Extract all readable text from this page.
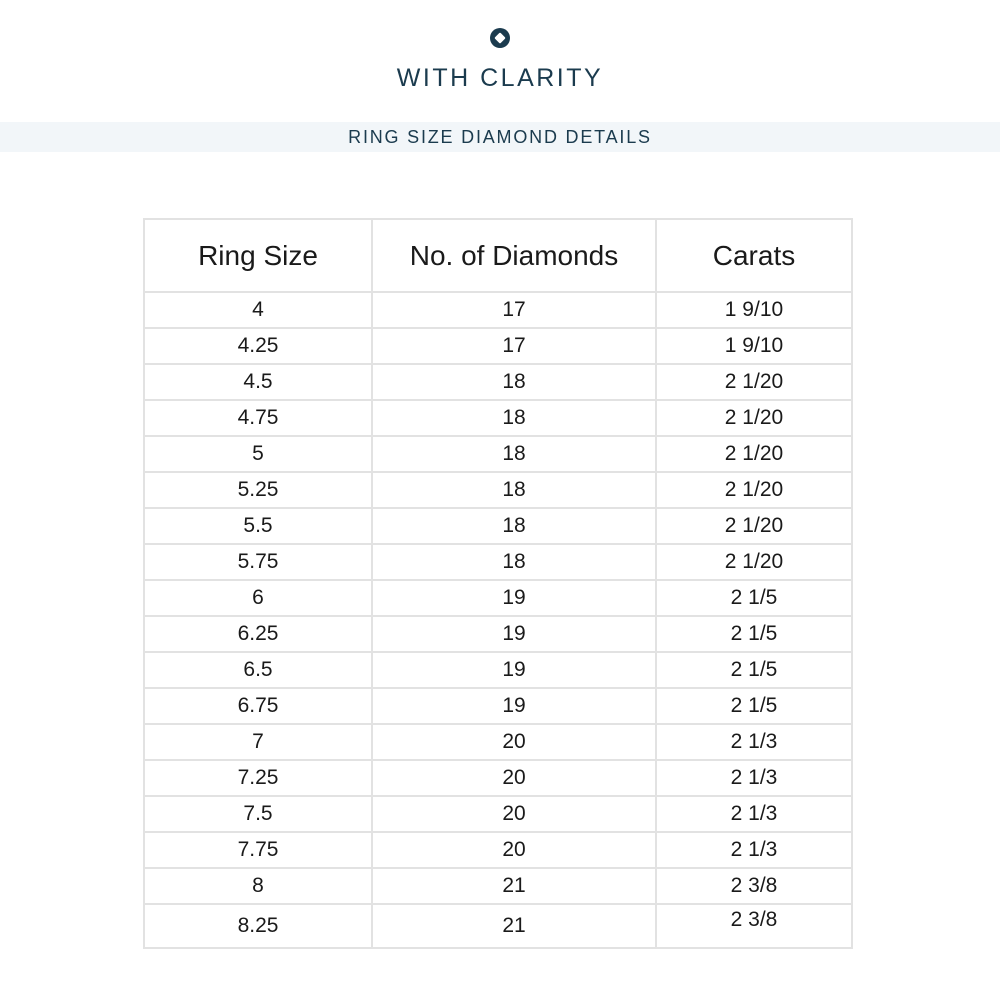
WITH CLARITY
RING SIZE DIAMOND DETAILS
Ring Size	No. of Diamonds	Carats
4	17	1 9/10
4.25	17	1 9/10
4.5	18	2 1/20
4.75	18	2 1/20
5	18	2 1/20
5.25	18	2 1/20
5.5	18	2 1/20
5.75	18	2 1/20
6	19	2 1/5
6.25	19	2 1/5
6.5	19	2 1/5
6.75	19	2 1/5
7	20	2 1/3
7.25	20	2 1/3
7.5	20	2 1/3
7.75	20	2 1/3
8	21	2 3/8
8.25	21	2 3/8
